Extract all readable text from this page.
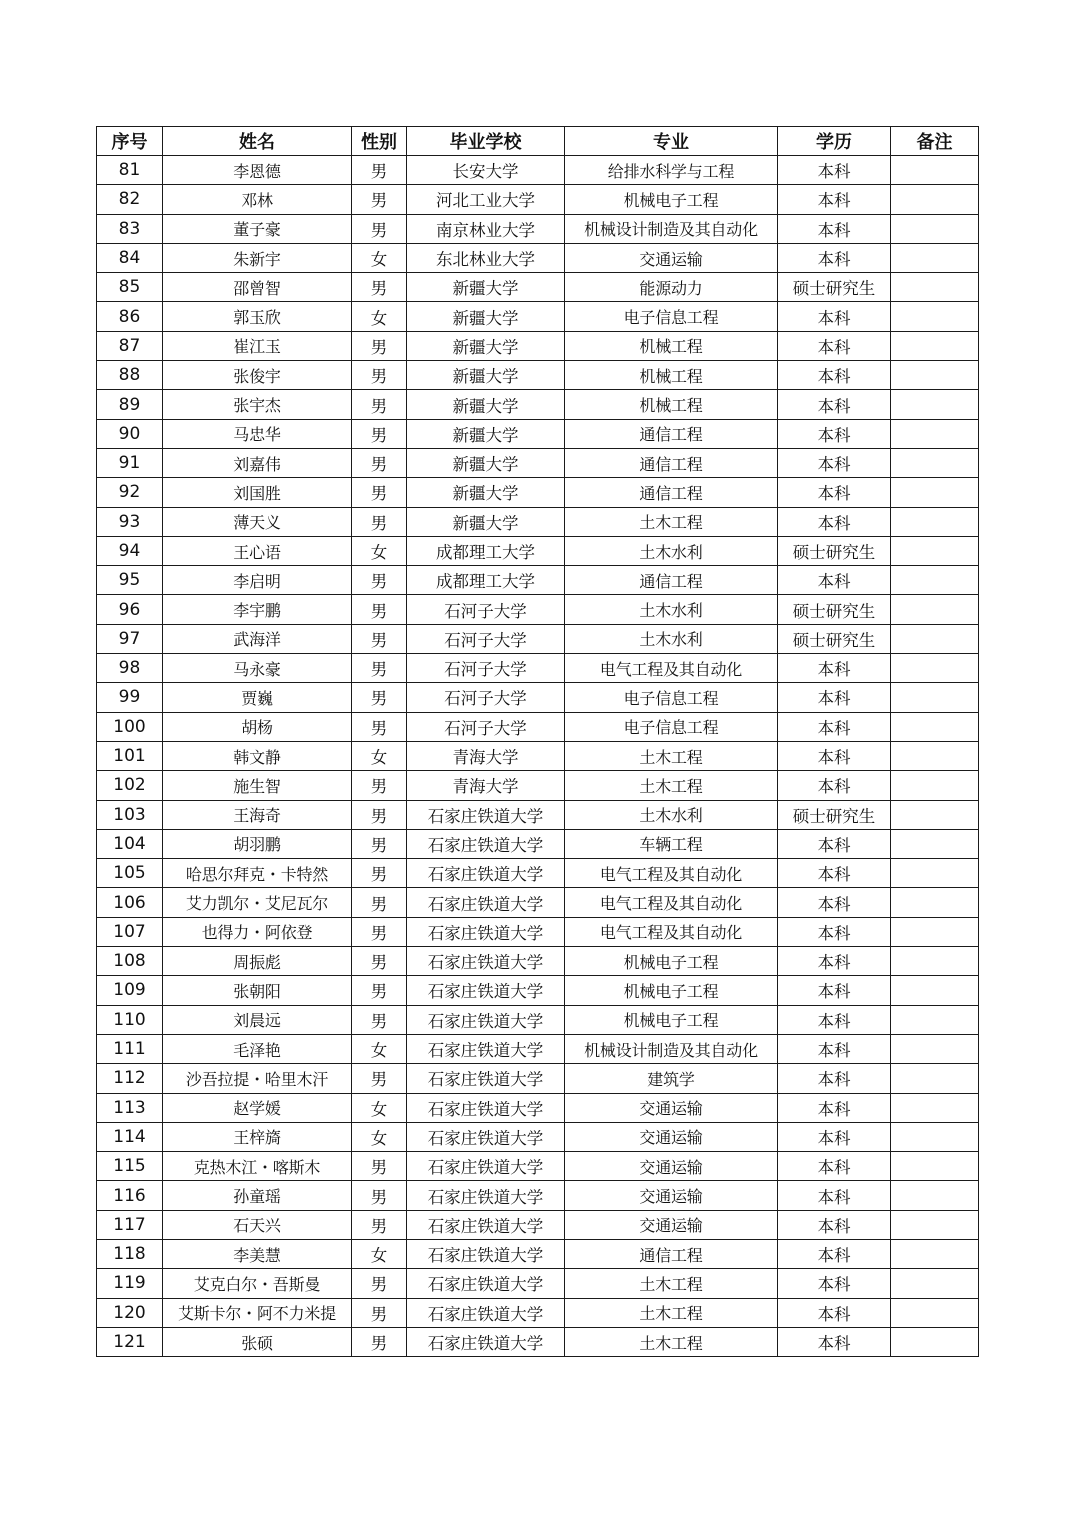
序号	姓名	性别	毕业学校	专业	学历	备注
81	李恩德	男	长安大学	给排水科学与工程	本科	
82	邓林	男	河北工业大学	机械电子工程	本科	
83	董子豪	男	南京林业大学	机械设计制造及其自动化	本科	
84	朱新宇	女	东北林业大学	交通运输	本科	
85	邵曾智	男	新疆大学	能源动力	硕士研究生	
86	郭玉欣	女	新疆大学	电子信息工程	本科	
87	崔江玉	男	新疆大学	机械工程	本科	
88	张俊宇	男	新疆大学	机械工程	本科	
89	张宇杰	男	新疆大学	机械工程	本科	
90	马忠华	男	新疆大学	通信工程	本科	
91	刘嘉伟	男	新疆大学	通信工程	本科	
92	刘国胜	男	新疆大学	通信工程	本科	
93	薄天义	男	新疆大学	土木工程	本科	
94	王心语	女	成都理工大学	土木水利	硕士研究生	
95	李启明	男	成都理工大学	通信工程	本科	
96	李宇鹏	男	石河子大学	土木水利	硕士研究生	
97	武海洋	男	石河子大学	土木水利	硕士研究生	
98	马永豪	男	石河子大学	电气工程及其自动化	本科	
99	贾巍	男	石河子大学	电子信息工程	本科	
100	胡杨	男	石河子大学	电子信息工程	本科	
101	韩文静	女	青海大学	土木工程	本科	
102	施生智	男	青海大学	土木工程	本科	
103	王海奇	男	石家庄铁道大学	土木水利	硕士研究生	
104	胡羽鹏	男	石家庄铁道大学	车辆工程	本科	
105	哈思尔拜克・卡特然	男	石家庄铁道大学	电气工程及其自动化	本科	
106	艾力凯尔・艾尼瓦尔	男	石家庄铁道大学	电气工程及其自动化	本科	
107	也得力・阿依登	男	石家庄铁道大学	电气工程及其自动化	本科	
108	周振彪	男	石家庄铁道大学	机械电子工程	本科	
109	张朝阳	男	石家庄铁道大学	机械电子工程	本科	
110	刘晨远	男	石家庄铁道大学	机械电子工程	本科	
111	毛泽艳	女	石家庄铁道大学	机械设计制造及其自动化	本科	
112	沙吾拉提・哈里木汗	男	石家庄铁道大学	建筑学	本科	
113	赵学媛	女	石家庄铁道大学	交通运输	本科	
114	王梓旖	女	石家庄铁道大学	交通运输	本科	
115	克热木江・喀斯木	男	石家庄铁道大学	交通运输	本科	
116	孙童瑶	男	石家庄铁道大学	交通运输	本科	
117	石天兴	男	石家庄铁道大学	交通运输	本科	
118	李美慧	女	石家庄铁道大学	通信工程	本科	
119	艾克白尔・吾斯曼	男	石家庄铁道大学	土木工程	本科	
120	艾斯卡尔・阿不力米提	男	石家庄铁道大学	土木工程	本科	
121	张硕	男	石家庄铁道大学	土木工程	本科	
